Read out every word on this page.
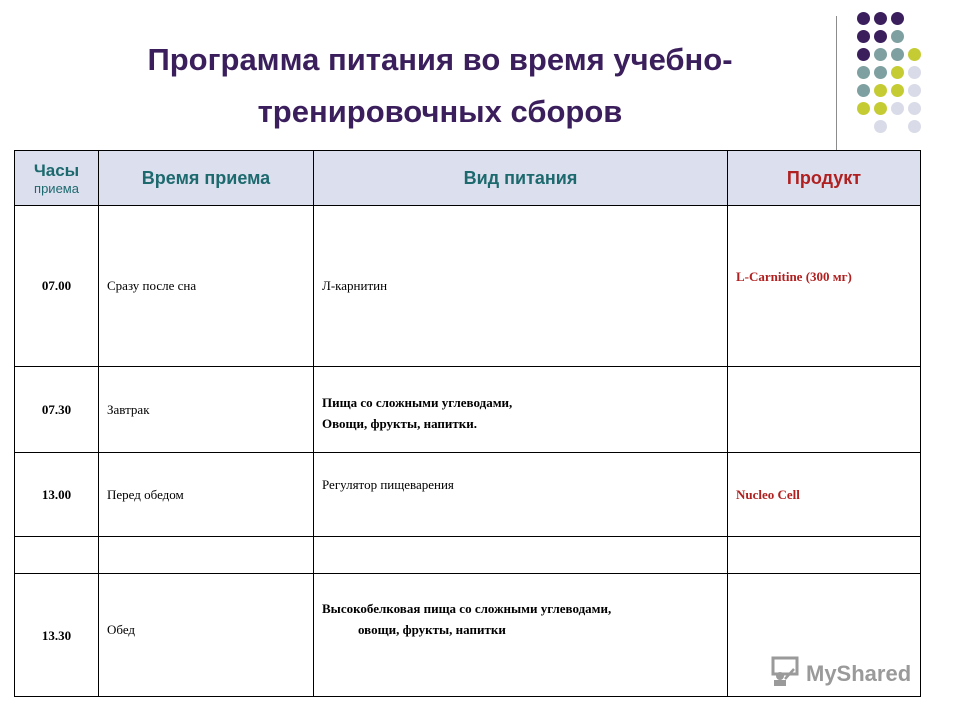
Программа питания во время учебно-
тренировочных сборов
Часы
приема	Время приема	Вид питания	Продукт
07.00	Сразу после сна	Л-карнитин	L-Carnitine (300 мг)
07.30	Завтрак	Пища со сложными углеводами,
Овощи, фрукты, напитки.	

13.00	Перед обедом	Регулятор пищеварения	Nucleo Cell

13.30	Обед	Высокобелковая пища со сложными углеводами,
овощи, фрукты, напитки	

MyShared
